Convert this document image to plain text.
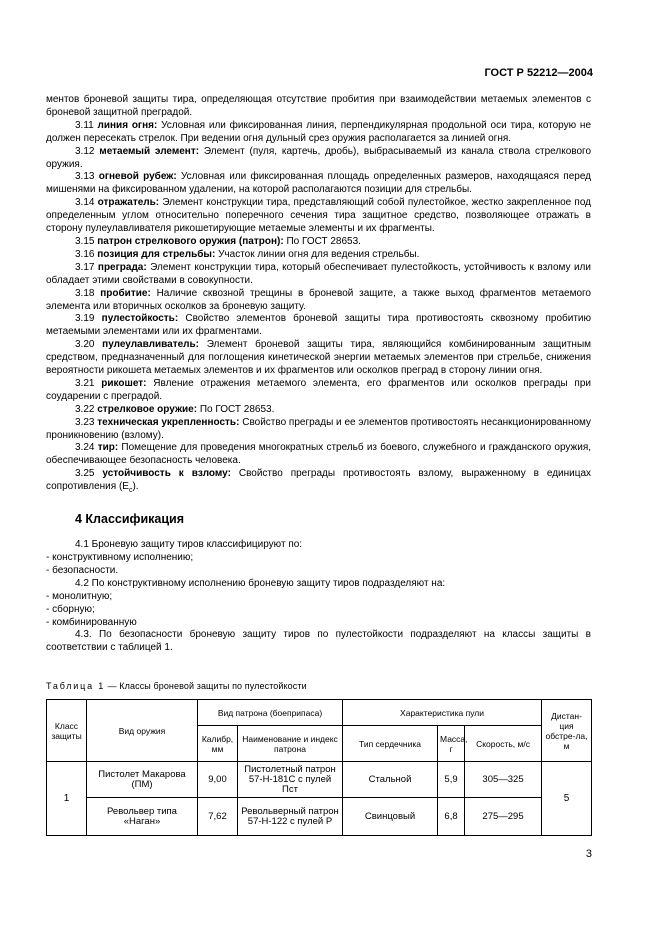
ГОСТ Р 52212—2004

ментов броневой защиты тира, определяющая отсутствие пробития при взаимодействии метаемых элементов с броневой защитной преградой.

3.11 линия огня: Условная или фиксированная линия, перпендикулярная продольной оси тира, которую не должен пересекать стрелок. При ведении огня дульный срез оружия располагается за линией огня.

3.12 метаемый элемент: Элемент (пуля, картечь, дробь), выбрасываемый из канала ствола стрелкового оружия.

3.13 огневой рубеж: Условная или фиксированная площадь определенных размеров, находящаяся перед мишенями на фиксированном удалении, на которой располагаются позиции для стрельбы.

3.14 отражатель: Элемент конструкции тира, представляющий собой пулестойкое, жестко закрепленное под определенным углом относительно поперечного сечения тира защитное средство, позволяющее отражать в сторону пулеулавливателя рикошетирующие метаемые элементы и их фрагменты.

3.15 патрон стрелкового оружия (патрон): По ГОСТ 28653.

3.16 позиция для стрельбы: Участок линии огня для ведения стрельбы.

3.17 преграда: Элемент конструкции тира, который обеспечивает пулестойкость, устойчивость к взлому или обладает этими свойствами в совокупности.

3.18 пробитие: Наличие сквозной трещины в броневой защите, а также выход фрагментов метаемого элемента или вторичных осколков за броневую защиту.

3.19 пулестойкость: Свойство элементов броневой защиты тира противостоять сквозному пробитию метаемыми элементами или их фрагментами.

3.20 пулеулавливатель: Элемент броневой защиты тира, являющийся комбинированным защитным средством, предназначенный для поглощения кинетической энергии метаемых элементов при стрельбе, снижения вероятности рикошета метаемых элементов и их фрагментов или осколков преград в сторону линии огня.

3.21 рикошет: Явление отражения метаемого элемента, его фрагментов или осколков преграды при соударении с преградой.

3.22 стрелковое оружие: По ГОСТ 28653.

3.23 техническая укрепленность: Свойство преграды и ее элементов противостоять несанкционированному проникновению (взлому).

3.24 тир: Помещение для проведения многократных стрельб из боевого, служебного и гражданского оружия, обеспечивающее безопасность человека.

3.25 устойчивость к взлому: Свойство преграды противостоять взлому, выраженному в единицах сопротивления $(E_с)$.

4 Классификация

4.1 Броневую защиту тиров классифицируют по:

- конструктивному исполнению;

- безопасности.

4.2 По конструктивному исполнению броневую защиту тиров подразделяют на:

- монолитную;

- сборную;

- комбинированную

4.3. По безопасности броневую защиту тиров по пулестойкости подразделяют на классы защиты в соответствии с таблицей 1.

Таблица 1 — Классы броневой защиты по пулестойкости
Класс защиты	Вид оружия	Вид патрона (боеприпаса)		Характеристика пули			Дистан-ция обстре-ла, м
		Калибр, мм	Наименование и индекс патрона	Тип сердечника	Масса, г	Скорость, м/с	
1	Пистолет Макарова (ПМ)	9,00	Пистолетный патрон 57-Н-181С с пулей Пст	Стальной	5,9	305—325	5
	Револьвер типа «Наган»	7,62	Револьверный патрон 57-Н-122 с пулей Р	Свинцовый	6,8	275—295	
3
